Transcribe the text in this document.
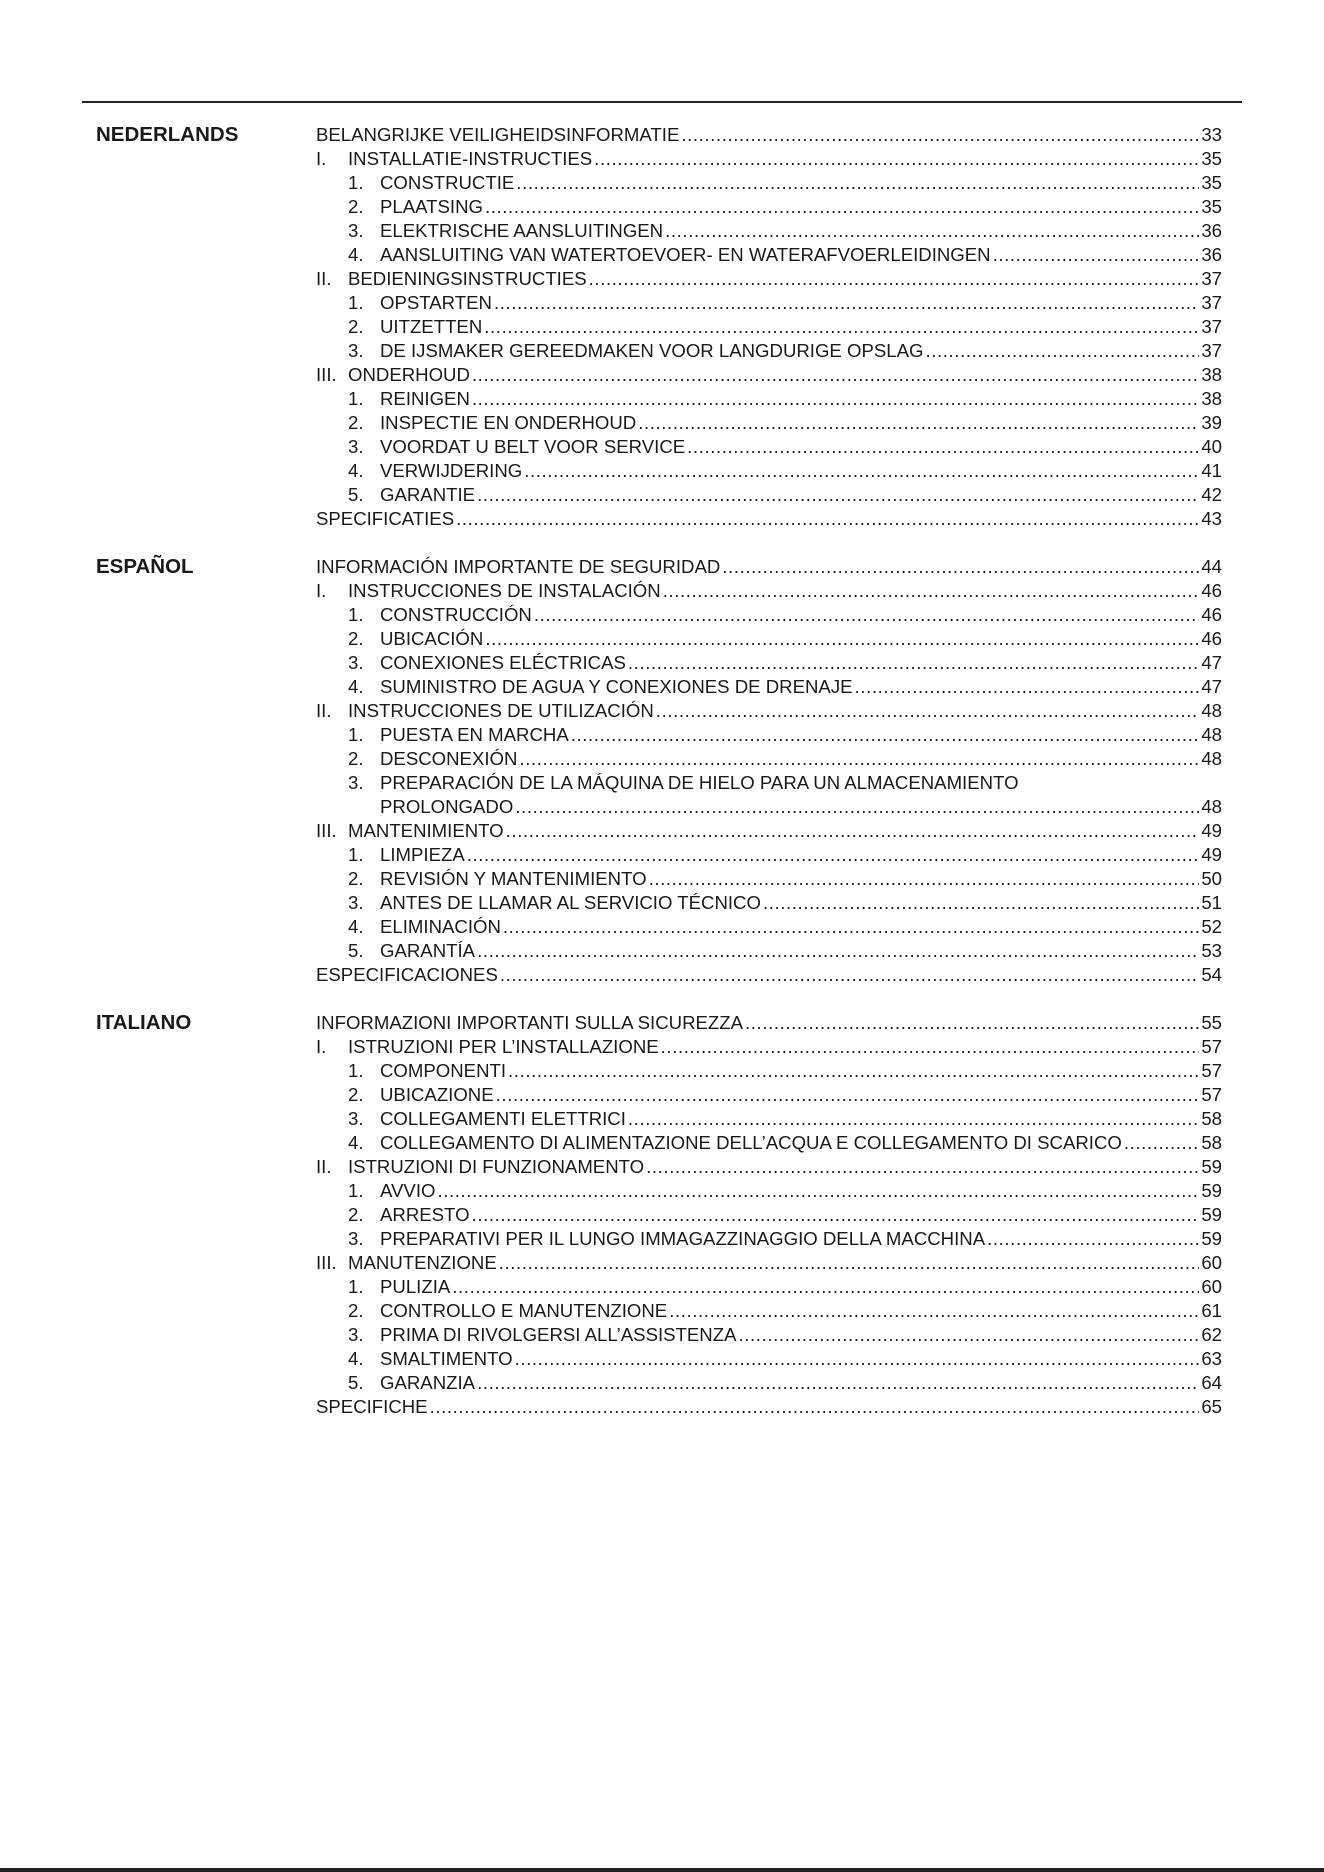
NEDERLANDS	BELANGRIJKE VEILIGHEIDSINFORMATIE .....	33
I.	INSTALLATIE-INSTRUCTIES .....	35
1. CONSTRUCTIE .....	35
2. PLAATSING .....	35
3. ELEKTRISCHE AANSLUITINGEN .....	36
4. AANSLUITING VAN WATERTOEVOER- EN WATERAFVOERLEIDINGEN .....	36
II. BEDIENINGSINSTRUCTIES .....	37
1. OPSTARTEN .....	37
2. UITZETTEN .....	37
3. DE IJSMAKER GEREEDMAKEN VOOR LANGDURIGE OPSLAG .....	37
III. ONDERHOUD .....	38
1. REINIGEN .....	38
2. INSPECTIE EN ONDERHOUD .....	39
3. VOORDAT U BELT VOOR SERVICE .....	40
4. VERWIJDERING .....	41
5. GARANTIE .....	42
SPECIFICATIES .....	43
ESPAÑOL	INFORMACIÓN IMPORTANTE DE SEGURIDAD .....	44
I.	INSTRUCCIONES DE INSTALACIÓN .....	46
1. CONSTRUCCIÓN .....	46
2. UBICACIÓN .....	46
3. CONEXIONES ELÉCTRICAS .....	47
4. SUMINISTRO DE AGUA Y CONEXIONES DE DRENAJE .....	47
II. INSTRUCCIONES DE UTILIZACIÓN .....	48
1. PUESTA EN MARCHA .....	48
2. DESCONEXIÓN .....	48
3. PREPARACIÓN DE LA MÁQUINA DE HIELO PARA UN ALMACENAMIENTO
PROLONGADO .....	48
III. MANTENIMIENTO .....	49
1. LIMPIEZA .....	49
2. REVISIÓN Y MANTENIMIENTO .....	50
3. ANTES DE LLAMAR AL SERVICIO TÉCNICO .....	51
4. ELIMINACIÓN .....	52
5. GARANTÍA .....	53
ESPECIFICACIONES .....	54
ITALIANO	INFORMAZIONI IMPORTANTI SULLA SICUREZZA .....	55
I.	ISTRUZIONI PER L’INSTALLAZIONE .....	57
1. COMPONENTI .....	57
2. UBICAZIONE .....	57
3. COLLEGAMENTI ELETTRICI .....	58
4. COLLEGAMENTO DI ALIMENTAZIONE DELL’ACQUA E COLLEGAMENTO DI SCARICO .....	58
II. ISTRUZIONI DI FUNZIONAMENTO .....	59
1. AVVIO .....	59
2. ARRESTO .....	59
3. PREPARATIVI PER IL LUNGO IMMAGAZZINAGGIO DELLA MACCHINA .....	59
III. MANUTENZIONE .....	60
1. PULIZIA .....	60
2. CONTROLLO E MANUTENZIONE .....	61
3. PRIMA DI RIVOLGERSI ALL’ASSISTENZA .....	62
4. SMALTIMENTO .....	63
5. GARANZIA .....	64
SPECIFICHE .....	65
